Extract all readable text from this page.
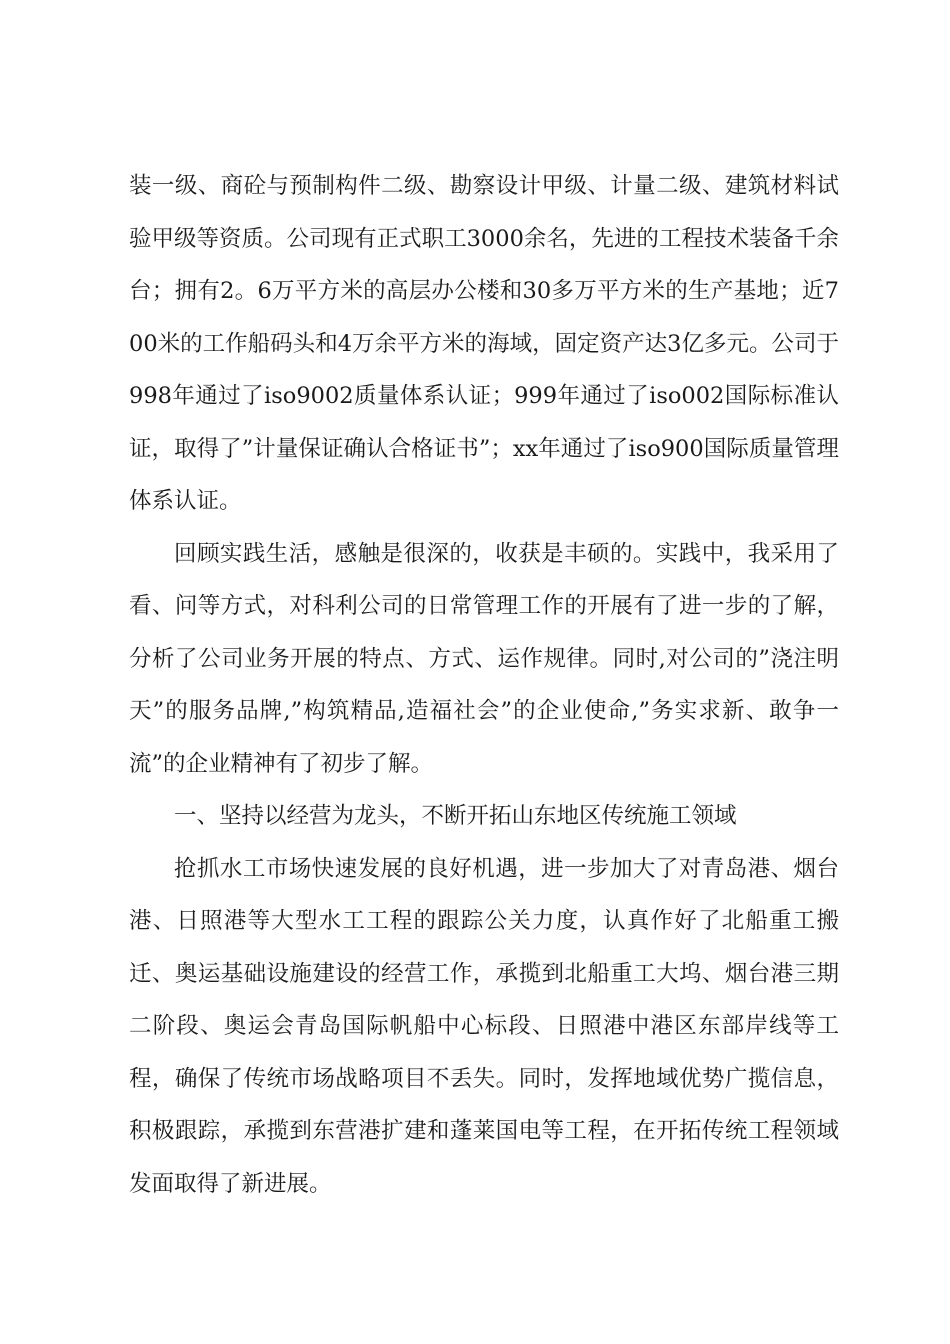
装一级、商砼与预制构件二级、勘察设计甲级、计量二级、建筑材料试验甲级等资质。公司现有正式职工3000余名，先进的工程技术装备千余台；拥有2。6万平方米的高层办公楼和30多万平方米的生产基地；近700米的工作船码头和4万余平方米的海域，固定资产达3亿多元。公司于998年通过了iso9002质量体系认证；999年通过了iso002国际标准认证，取得了”计量保证确认合格证书”；xx年通过了iso900国际质量管理体系认证。

回顾实践生活，感触是很深的，收获是丰硕的。实践中，我采用了看、问等方式，对科利公司的日常管理工作的开展有了进一步的了解，分析了公司业务开展的特点、方式、运作规律。同时,对公司的”浇注明天”的服务品牌,”构筑精品,造福社会”的企业使命,”务实求新、敢争一流”的企业精神有了初步了解。

一、坚持以经营为龙头，不断开拓山东地区传统施工领域

抢抓水工市场快速发展的良好机遇，进一步加大了对青岛港、烟台港、日照港等大型水工工程的跟踪公关力度，认真作好了北船重工搬迁、奥运基础设施建设的经营工作，承揽到北船重工大坞、烟台港三期二阶段、奥运会青岛国际帆船中心标段、日照港中港区东部岸线等工程，确保了传统市场战略项目不丢失。同时，发挥地域优势广揽信息，积极跟踪，承揽到东营港扩建和蓬莱国电等工程，在开拓传统工程领域发面取得了新进展。
